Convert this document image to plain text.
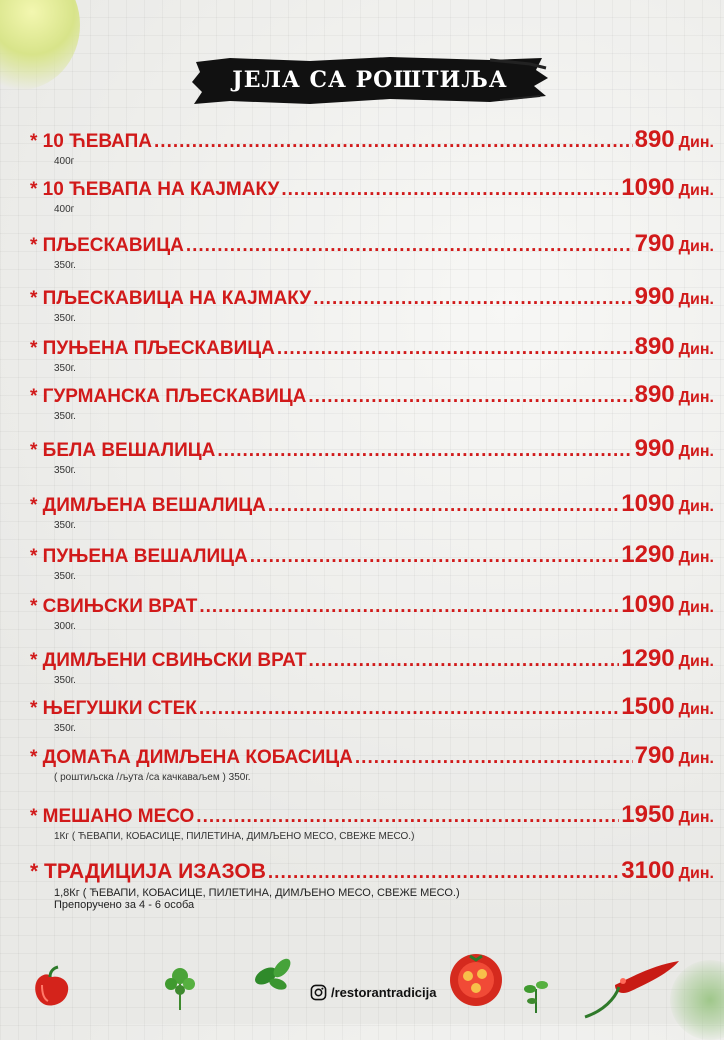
ЈЕЛА СА РОШТИЉА
* 10 ЋЕВАПА .....	890 Дин.
400г
* 10 ЋЕВАПА НА КАЈМАКУ .....	1090 Дин.
400г
* ПЉЕСКАВИЦА .....	790 Дин.
350г.
* ПЉЕСКАВИЦА НА КАЈМАКУ .....	990 Дин.
350г.
* ПУЊЕНА ПЉЕСКАВИЦА .....	890 Дин.
350г.
* ГУРМАНСКА ПЉЕСКАВИЦА .....	890 Дин.
350г.
* БЕЛА ВЕШАЛИЦА .....	990 Дин.
350г.
* ДИМЉЕНА ВЕШАЛИЦА .....	1090 Дин.
350г.
* ПУЊЕНА ВЕШАЛИЦА .....	1290 Дин.
350г.
* СВИЊСКИ ВРАТ .....	1090 Дин.
300г.
* ДИМЉЕНИ СВИЊСКИ ВРАТ .....	1290 Дин.
350г.
* ЊЕГУШКИ СТЕК .....	1500 Дин.
350г.
* ДОМАЋА ДИМЉЕНА КОБАСИЦА .....	790 Дин.
( роштиљска /љута /са качкаваљем ) 350г.
* МЕШАНО МЕСО .....	1950 Дин.
1Кг ( ЋЕВАПИ, КОБАСИЦЕ, ПИЛЕТИНА, ДИМЉЕНО МЕСО, СВЕЖЕ МЕСО.)
* ТРАДИЦИЈА ИЗАЗОВ .....	3100 Дин.
1,8Кг ( ЋЕВАПИ, КОБАСИЦЕ, ПИЛЕТИНА, ДИМЉЕНО МЕСО, СВЕЖЕ МЕСО.)
Препоручено за 4 - 6 особа
/restorantradicija
